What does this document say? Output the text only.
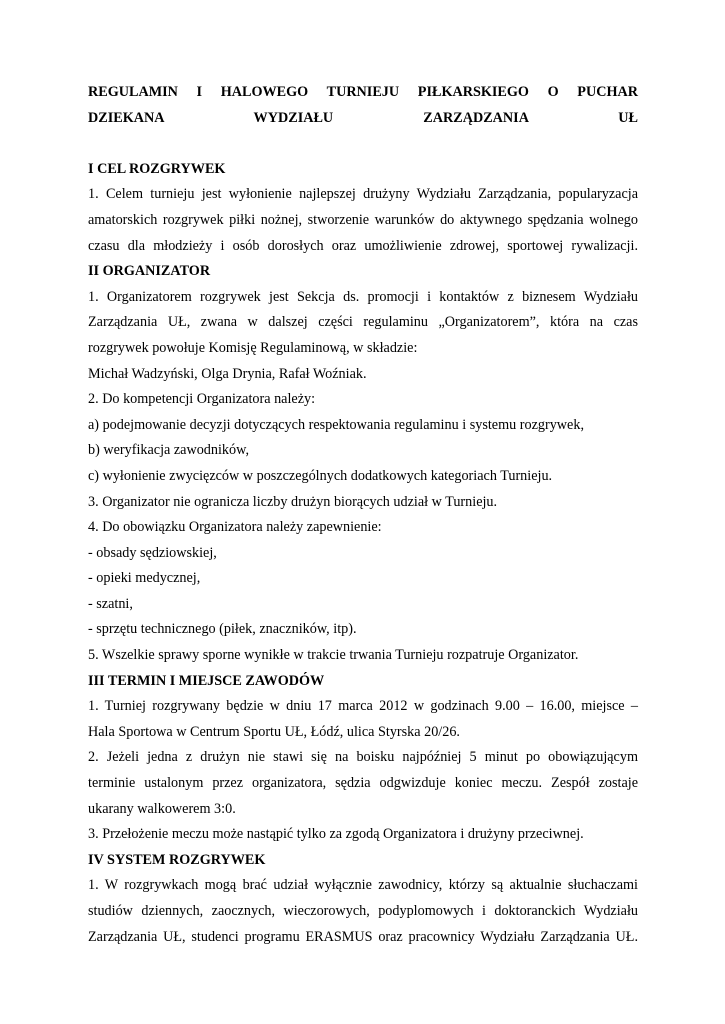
REGULAMIN I HALOWEGO TURNIEJU PIŁKARSKIEGO O PUCHAR
DZIEKANA WYDZIAŁU ZARZĄDZANIA UŁ
I CEL ROZGRYWEK
1. Celem turnieju jest wyłonienie najlepszej drużyny Wydziału Zarządzania, popularyzacja
amatorskich rozgrywek piłki nożnej, stworzenie warunków do aktywnego spędzania wolnego
czasu dla młodzieży i osób dorosłych oraz umożliwienie zdrowej, sportowej rywalizacji.
II ORGANIZATOR
1. Organizatorem rozgrywek jest Sekcja ds. promocji i kontaktów z biznesem Wydziału
Zarządzania UŁ, zwana w dalszej części regulaminu „Organizatorem”, która na czas
rozgrywek powołuje Komisję Regulaminową, w składzie:
Michał Wadzyński, Olga Drynia, Rafał Woźniak.
2. Do kompetencji Organizatora należy:
a) podejmowanie decyzji dotyczących respektowania regulaminu i systemu rozgrywek,
b) weryfikacja zawodników,
c) wyłonienie zwycięzców w poszczególnych dodatkowych kategoriach Turnieju.
3. Organizator nie ogranicza liczby drużyn biorących udział w Turnieju.
4. Do obowiązku Organizatora należy zapewnienie:
- obsady sędziowskiej,
- opieki medycznej,
- szatni,
- sprzętu technicznego (piłek, znaczników, itp).
5. Wszelkie sprawy sporne wynikłe w trakcie trwania Turnieju rozpatruje Organizator.
III TERMIN I MIEJSCE ZAWODÓW
1. Turniej rozgrywany będzie w dniu 17 marca 2012 w godzinach 9.00 – 16.00, miejsce –
Hala Sportowa w Centrum Sportu UŁ, Łódź, ulica Styrska 20/26.
2. Jeżeli jedna z drużyn nie stawi się na boisku najpóźniej 5 minut po obowiązującym
terminie ustalonym przez organizatora, sędzia odgwizduje koniec meczu. Zespół zostaje
ukarany walkowerem 3:0.
3. Przełożenie meczu może nastąpić tylko za zgodą Organizatora i drużyny przeciwnej.
IV SYSTEM ROZGRYWEK
1. W rozgrywkach mogą brać udział wyłącznie zawodnicy, którzy są aktualnie słuchaczami
studiów dziennych, zaocznych, wieczorowych, podyplomowych i doktoranckich Wydziału
Zarządzania UŁ, studenci programu ERASMUS oraz pracownicy Wydziału Zarządzania UŁ.
